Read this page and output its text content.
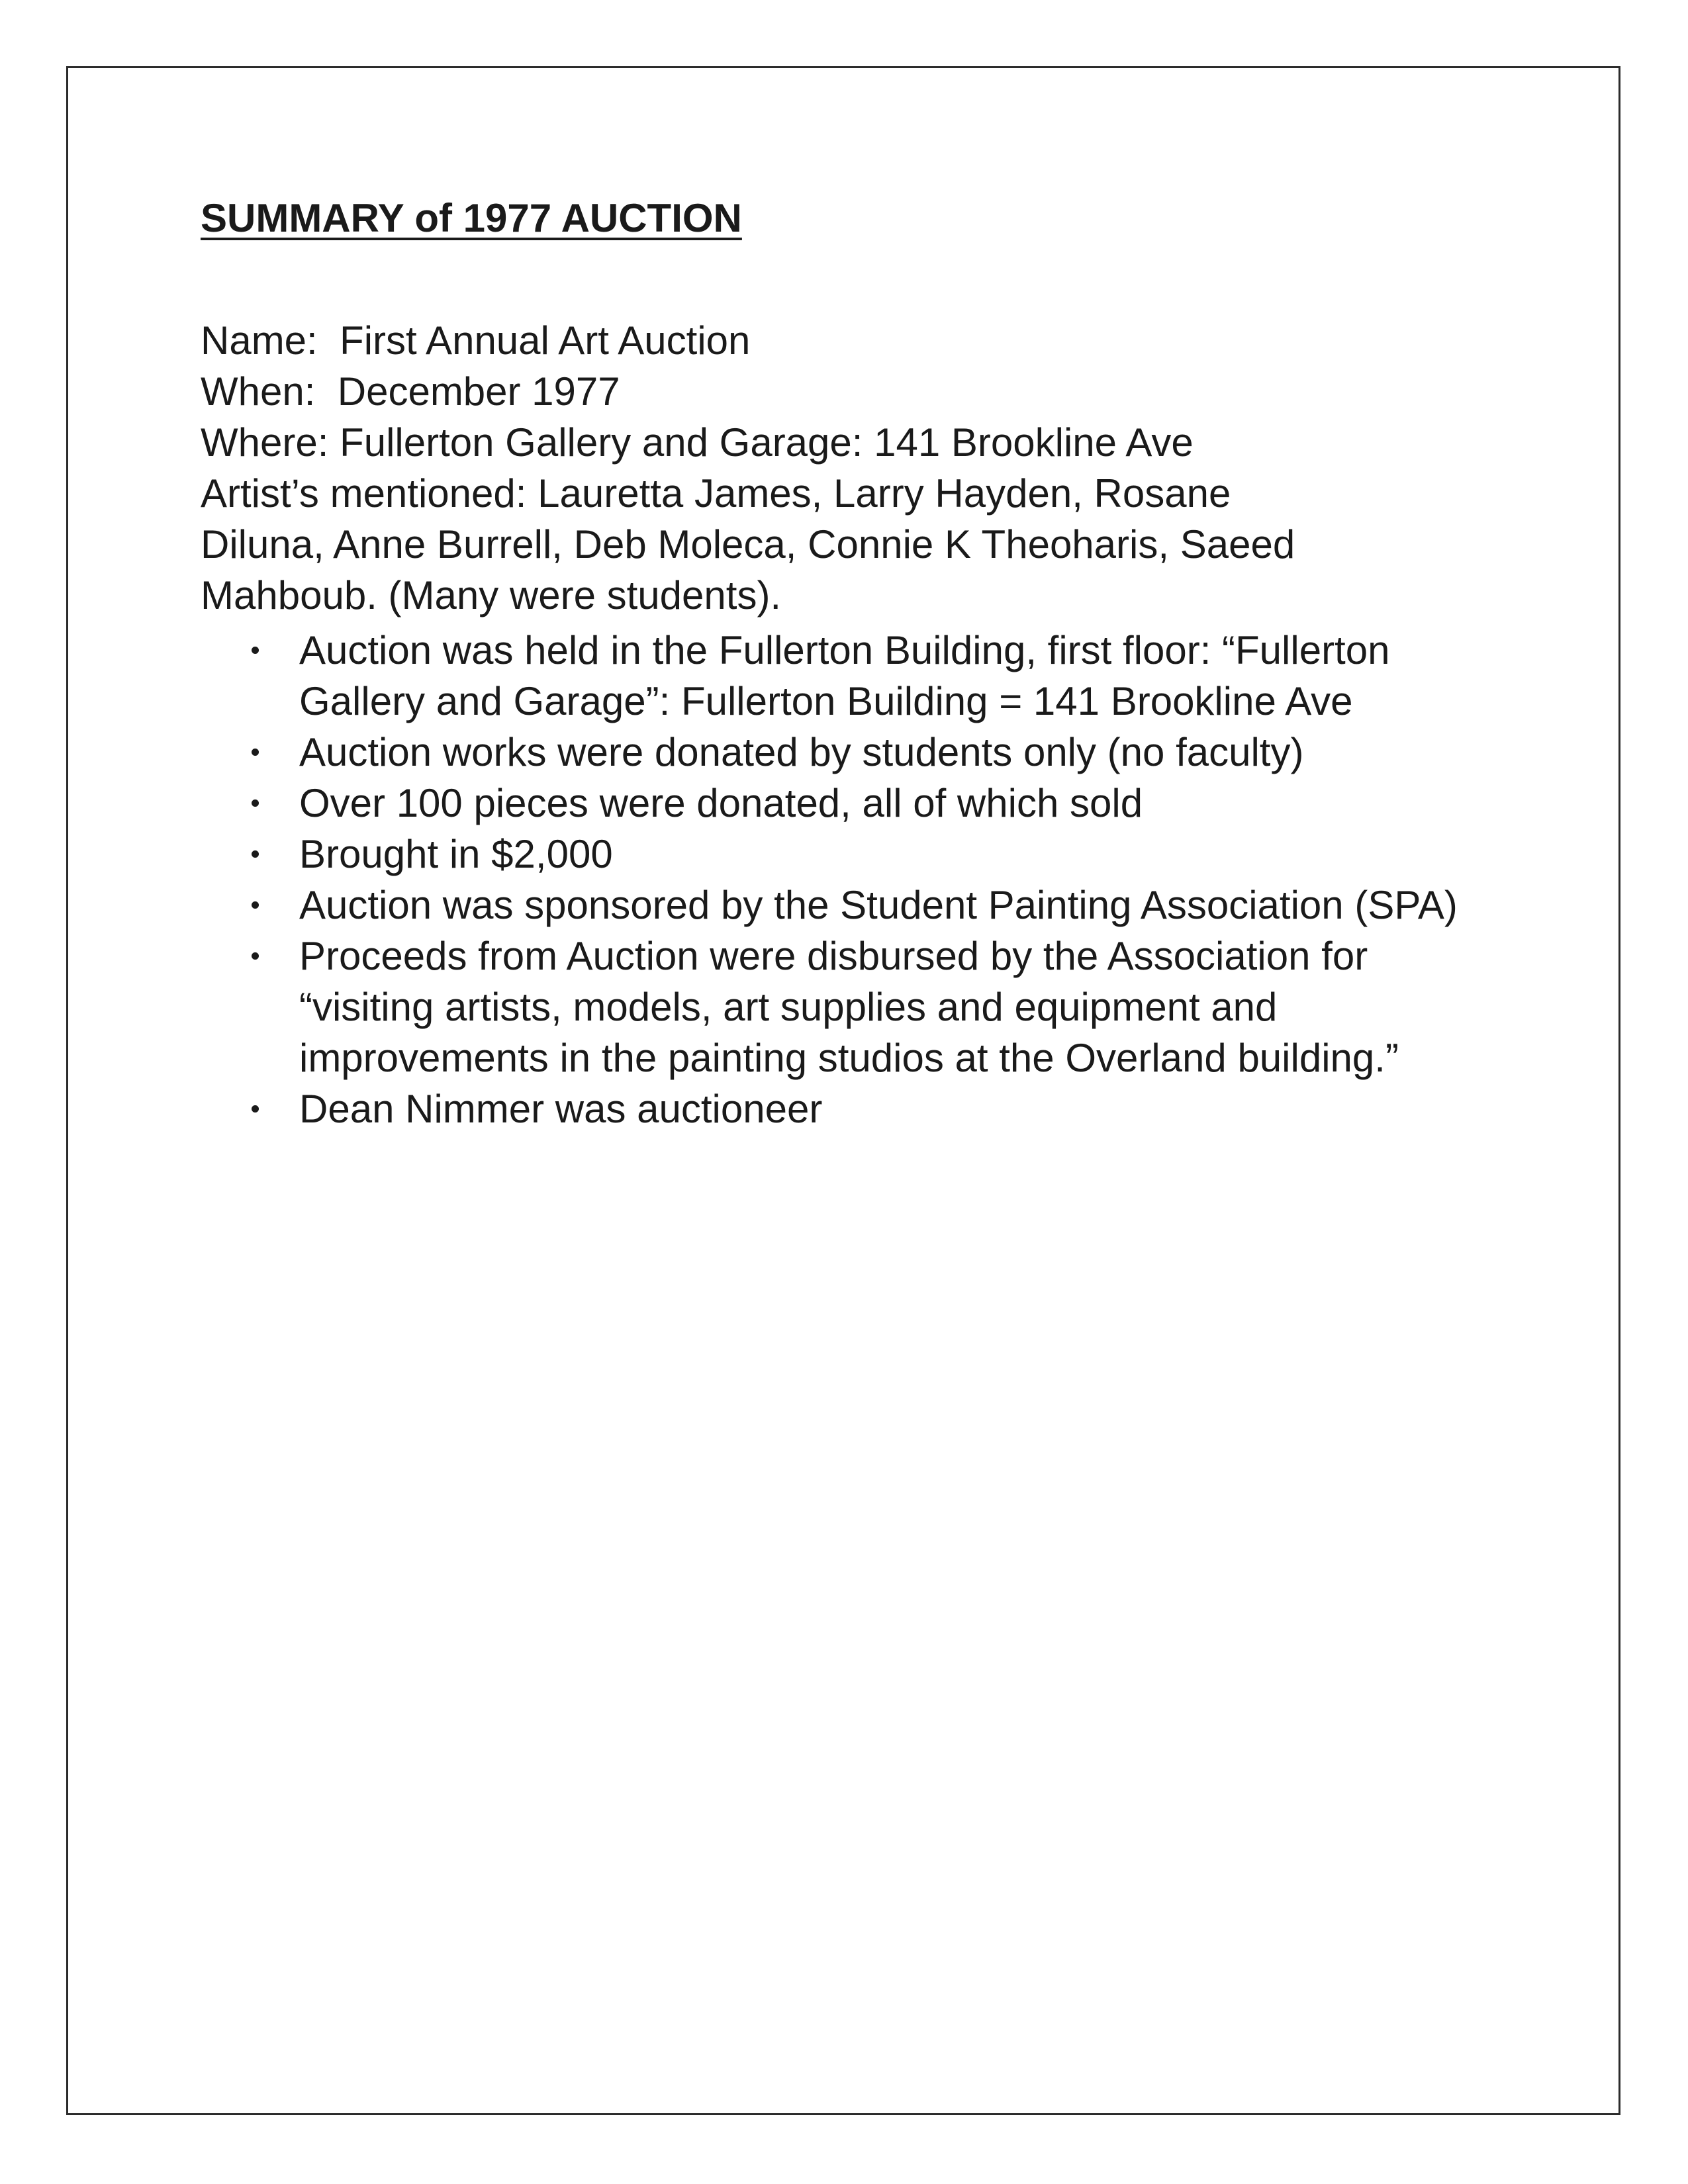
SUMMARY of 1977 AUCTION
Name:  First Annual Art Auction
When:  December 1977
Where: Fullerton Gallery and Garage: 141 Brookline Ave
Artist’s mentioned: Lauretta James, Larry Hayden, Rosane
Diluna, Anne Burrell, Deb Moleca, Connie K Theoharis, Saeed
Mahboub. (Many were students).
Auction was held in the Fullerton Building, first floor: “Fullerton Gallery and Garage”: Fullerton Building = 141 Brookline Ave
Auction works were donated by students only (no faculty)
Over 100 pieces were donated, all of which sold
Brought in $2,000
Auction was sponsored by the Student Painting Association (SPA)
Proceeds from Auction were disbursed by the Association for “visiting artists, models, art supplies and equipment and improvements in the painting studios at the Overland building.”
Dean Nimmer was auctioneer
